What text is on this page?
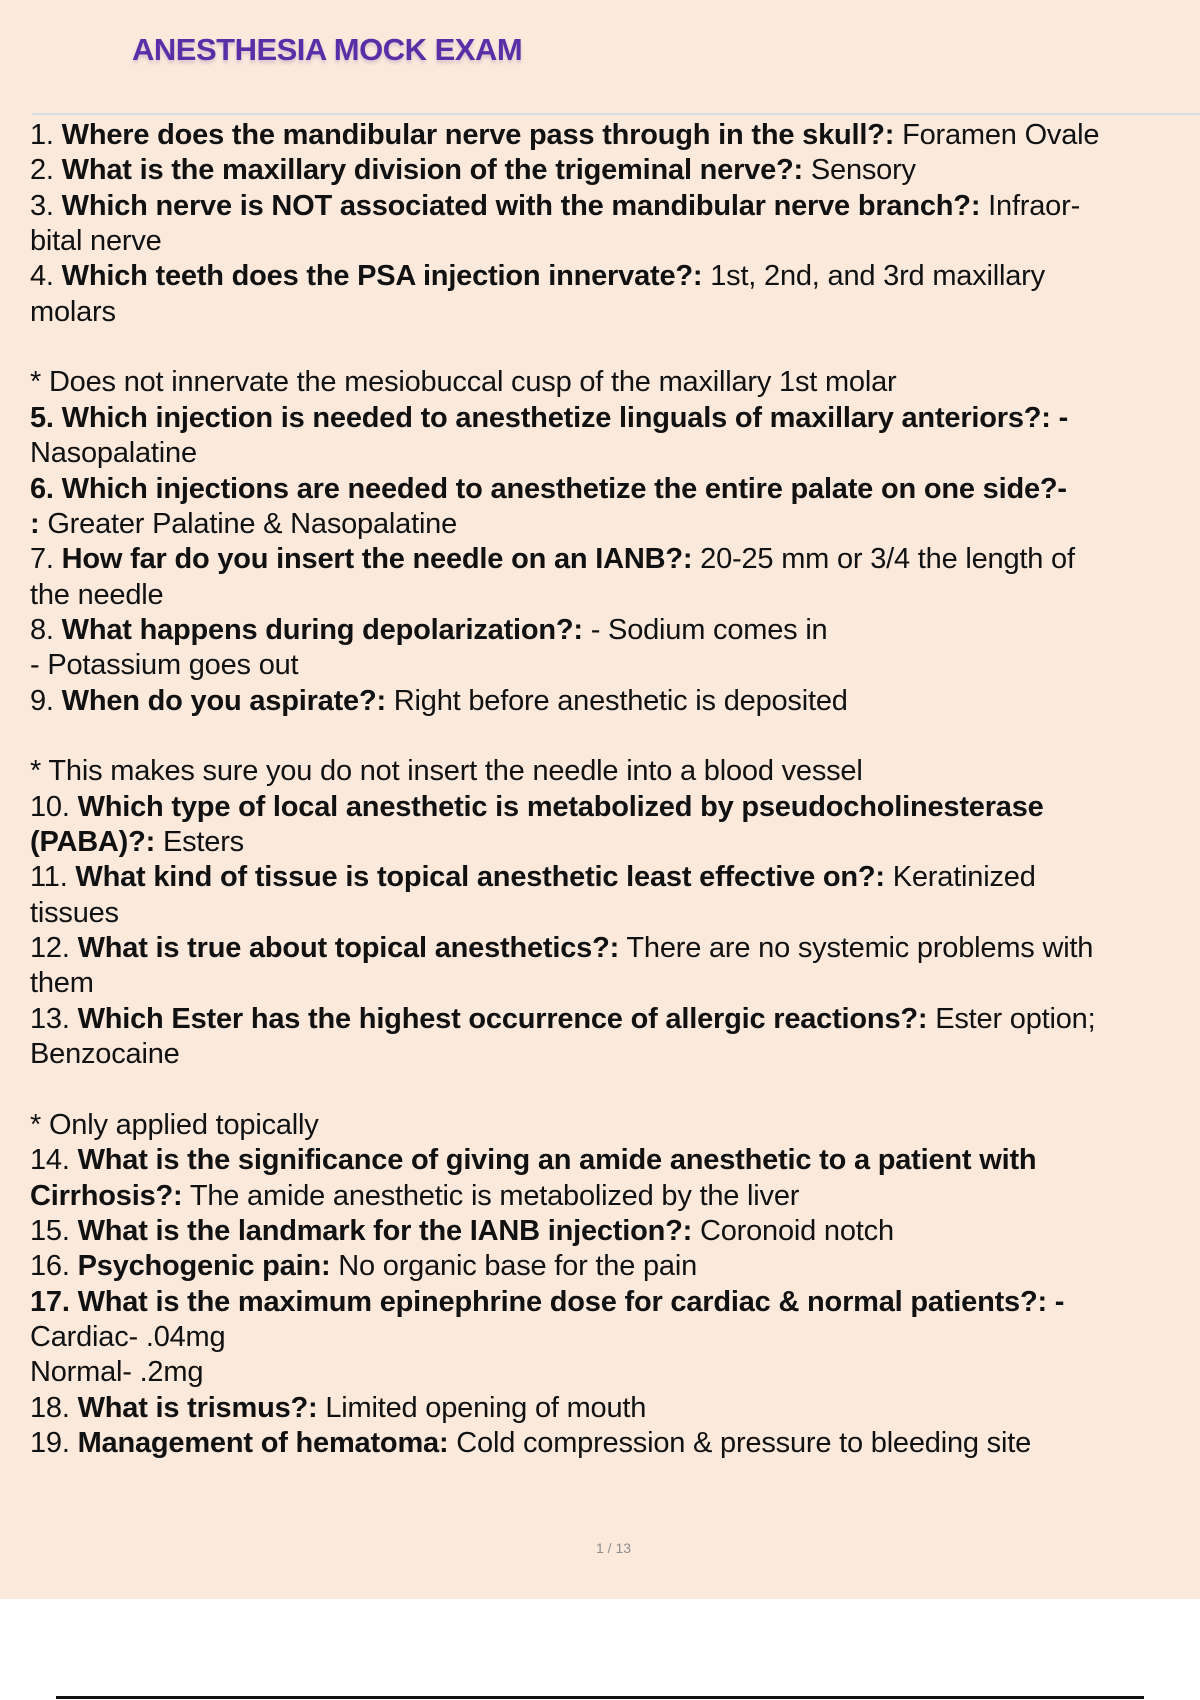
ANESTHESIA MOCK EXAM
1. Where does the mandibular nerve pass through in the skull?: Foramen Ovale
2. What is the maxillary division of the trigeminal nerve?: Sensory
3. Which nerve is NOT associated with the mandibular nerve branch?: Infraor-
bital nerve
4. Which teeth does the PSA injection innervate?: 1st, 2nd, and 3rd maxillary
molars
* Does not innervate the mesiobuccal cusp of the maxillary 1st molar
5. Which injection is needed to anesthetize linguals of maxillary anteriors?: -
Nasopalatine
6. Which injections are needed to anesthetize the entire palate on one side?-
: Greater Palatine & Nasopalatine
7. How far do you insert the needle on an IANB?: 20-25 mm or 3/4 the length of
the needle
8. What happens during depolarization?: - Sodium comes in
- Potassium goes out
9. When do you aspirate?: Right before anesthetic is deposited
* This makes sure you do not insert the needle into a blood vessel
10. Which type of local anesthetic is metabolized by pseudocholinesterase
(PABA)?: Esters
11. What kind of tissue is topical anesthetic least effective on?: Keratinized
tissues
12. What is true about topical anesthetics?: There are no systemic problems with
them
13. Which Ester has the highest occurrence of allergic reactions?: Ester option;
Benzocaine
* Only applied topically
14. What is the significance of giving an amide anesthetic to a patient with
Cirrhosis?: The amide anesthetic is metabolized by the liver
15. What is the landmark for the IANB injection?: Coronoid notch
16. Psychogenic pain: No organic base for the pain
17. What is the maximum epinephrine dose for cardiac & normal patients?: -
Cardiac- .04mg
Normal- .2mg
18. What is trismus?: Limited opening of mouth
19. Management of hematoma: Cold compression & pressure to bleeding site
1 / 13
